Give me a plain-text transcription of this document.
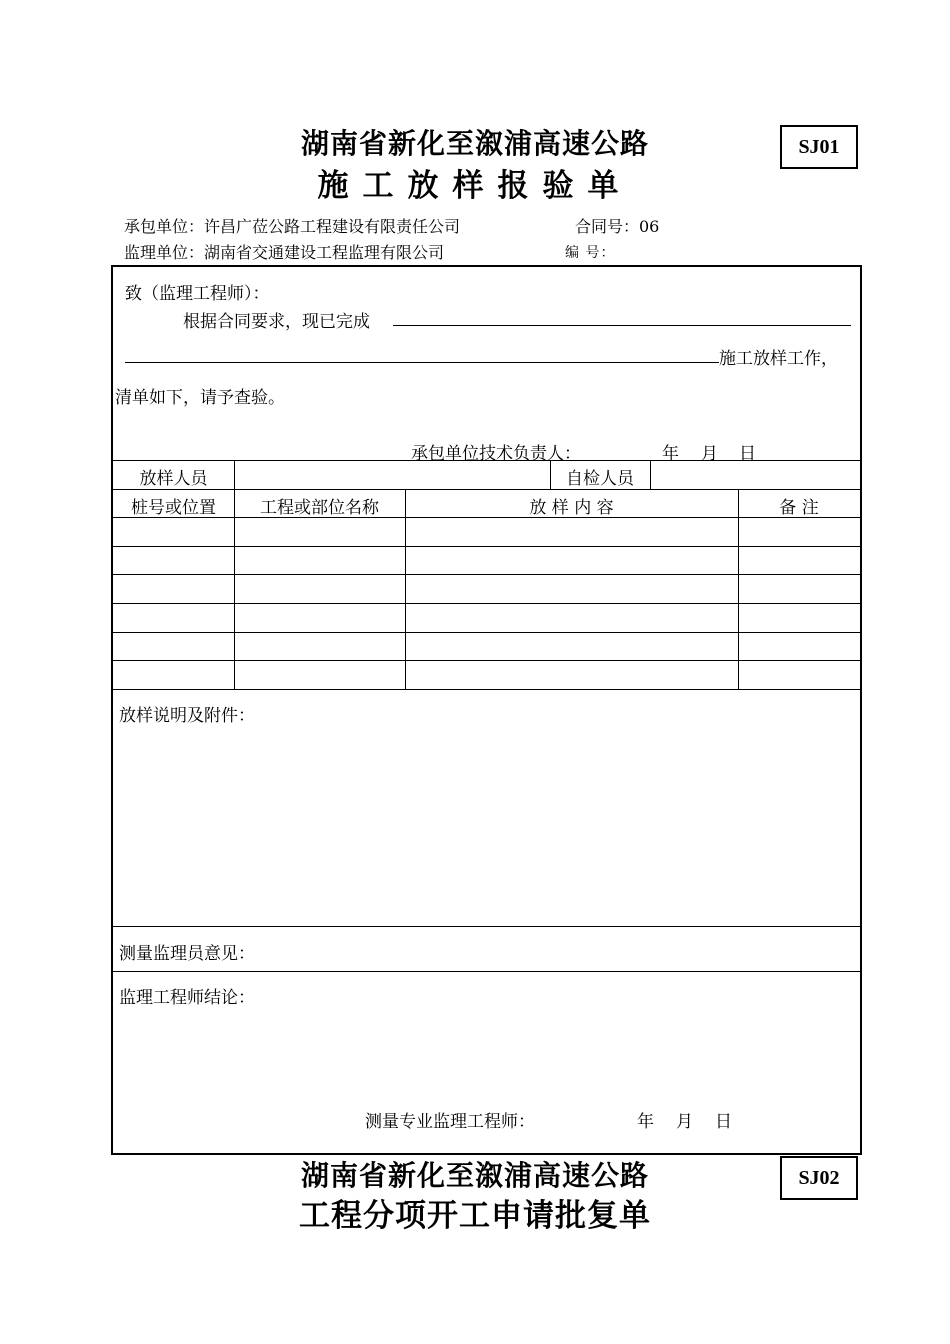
湖南省新化至溆浦高速公路
施工放样报验单
SJ01
承包单位：许昌广莅公路工程建设有限责任公司	合同号：06
监理单位：湖南省交通建设工程监理有限公司	编 号：
致（监理工程师）：
根据合同要求，现已完成
施工放样工作，
清单如下，请予查验。
承包单位技术负责人：	年 月 日
放样人员	自检人员
桩号或位置	工程或部位名称	放 样 内 容	备 注
放样说明及附件：
测量监理员意见：
监理工程师结论：
测量专业监理工程师：	年 月 日
湖南省新化至溆浦高速公路
工程分项开工申请批复单
SJ02
